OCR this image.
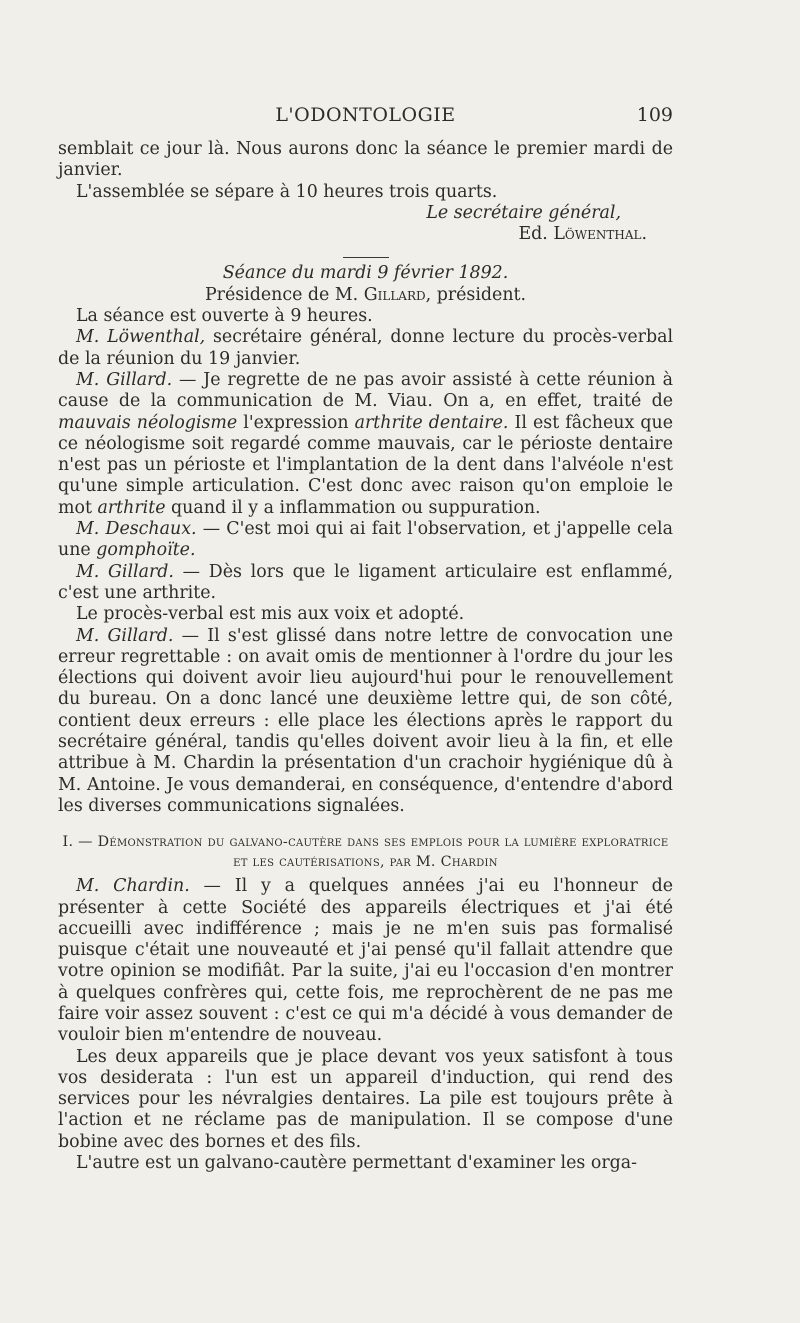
L'ODONTOLOGIE	109

semblait ce jour là. Nous aurons donc la séance le premier mardi de janvier.

L'assemblée se sépare à 10 heures trois quarts.

Le secrétaire général,

Ed. Löwenthal.

Séance du mardi 9 février 1892.

Présidence de M. Gillard, président.

La séance est ouverte à 9 heures.

M. Löwenthal, secrétaire général, donne lecture du procès-verbal de la réunion du 19 janvier.

M. Gillard. — Je regrette de ne pas avoir assisté à cette réunion à cause de la communication de M. Viau. On a, en effet, traité de mauvais néologisme l'expression arthrite dentaire. Il est fâcheux que ce néologisme soit regardé comme mauvais, car le périoste dentaire n'est pas un périoste et l'implantation de la dent dans l'alvéole n'est qu'une simple articulation. C'est donc avec raison qu'on emploie le mot arthrite quand il y a inflammation ou suppuration.

M. Deschaux. — C'est moi qui ai fait l'observation, et j'appelle cela une gomphoïte.

M. Gillard. — Dès lors que le ligament articulaire est enflammé, c'est une arthrite.

Le procès-verbal est mis aux voix et adopté.

M. Gillard. — Il s'est glissé dans notre lettre de convocation une erreur regrettable : on avait omis de mentionner à l'ordre du jour les élections qui doivent avoir lieu aujourd'hui pour le renouvellement du bureau. On a donc lancé une deuxième lettre qui, de son côté, contient deux erreurs : elle place les élections après le rapport du secrétaire général, tandis qu'elles doivent avoir lieu à la fin, et elle attribue à M. Chardin la présentation d'un crachoir hygiénique dû à M. Antoine. Je vous demanderai, en conséquence, d'entendre d'abord les diverses communications signalées.

I. — Démonstration du galvano-cautère dans ses emplois pour la lumière exploratrice et les cautérisations, par M. Chardin

M. Chardin. — Il y a quelques années j'ai eu l'honneur de présenter à cette Société des appareils électriques et j'ai été accueilli avec indifférence ; mais je ne m'en suis pas formalisé puisque c'était une nouveauté et j'ai pensé qu'il fallait attendre que votre opinion se modifiât. Par la suite, j'ai eu l'occasion d'en montrer à quelques confrères qui, cette fois, me reprochèrent de ne pas me faire voir assez souvent : c'est ce qui m'a décidé à vous demander de vouloir bien m'entendre de nouveau.

Les deux appareils que je place devant vos yeux satisfont à tous vos desiderata : l'un est un appareil d'induction, qui rend des services pour les névralgies dentaires. La pile est toujours prête à l'action et ne réclame pas de manipulation. Il se compose d'une bobine avec des bornes et des fils.

L'autre est un galvano-cautère permettant d'examiner les orga-
